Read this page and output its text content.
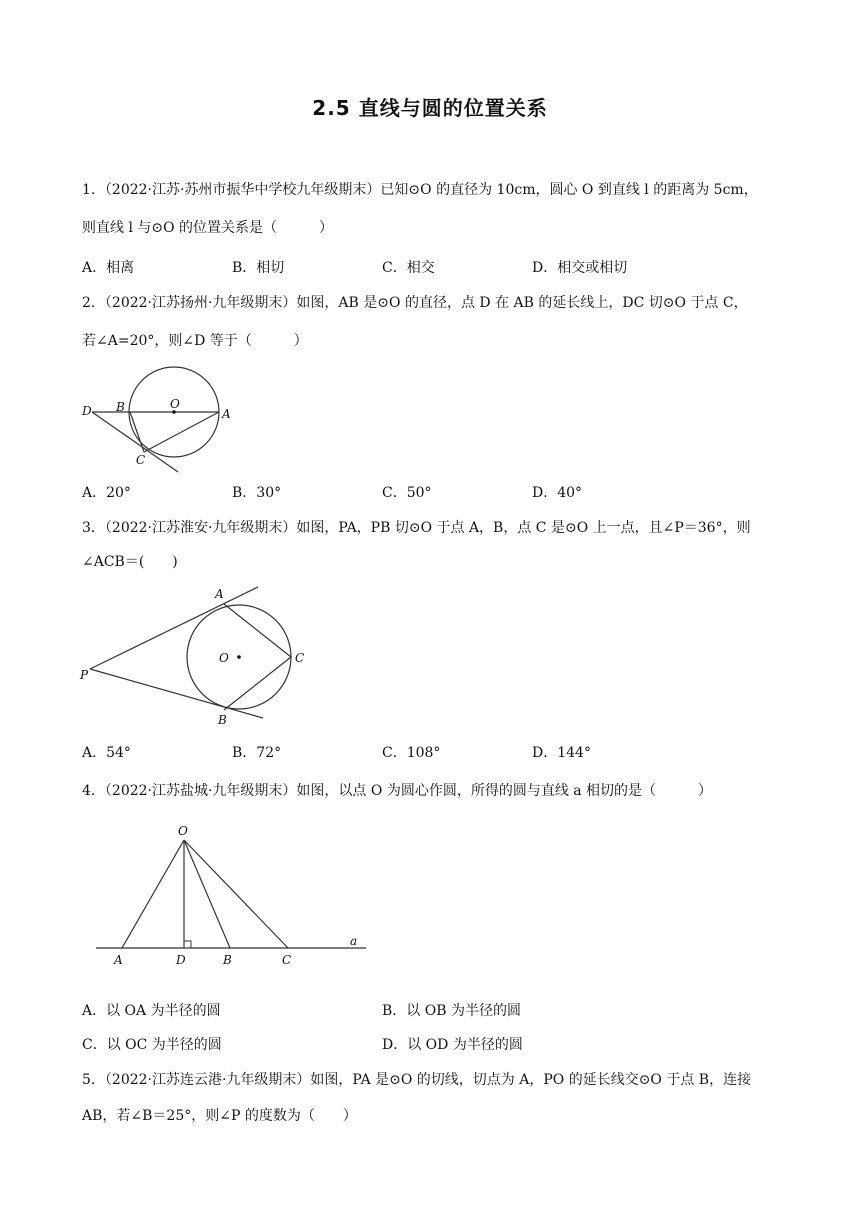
2.5 直线与圆的位置关系
1．（2022·江苏·苏州市振华中学校九年级期末）已知⊙O 的直径为 10cm，圆心 O 到直线 l 的距离为 5cm，
则直线 l 与⊙O 的位置关系是（　　　）
A．相离	B．相切	C．相交	D．相交或相切
2．（2022·江苏扬州·九年级期末）如图，AB 是⊙O 的直径，点 D 在 AB 的延长线上，DC 切⊙O 于点 C，
若∠A=20°，则∠D 等于（　　　）
D B	O
A
C
A．20°	B．30°	C．50°	D．40°
3．（2022·江苏淮安·九年级期末）如图，PA，PB 切⊙O 于点 A，B，点 C 是⊙O 上一点，且∠P＝36°，则
∠ACB＝(　　)
A
O	C
P
B
A．54°	B．72°	C．108°	D．144°
4．（2022·江苏盐城·九年级期末）如图，以点 O 为圆心作圆，所得的圆与直线 a 相切的是（　　　）
O
a
A	D	B	C
A．以 OA 为半径的圆	B．以 OB 为半径的圆
C．以 OC 为半径的圆	D．以 OD 为半径的圆
5．（2022·江苏连云港·九年级期末）如图，PA 是⊙O 的切线，切点为 A，PO 的延长线交⊙O 于点 B，连接
AB，若∠B＝25°，则∠P 的度数为（　　）
